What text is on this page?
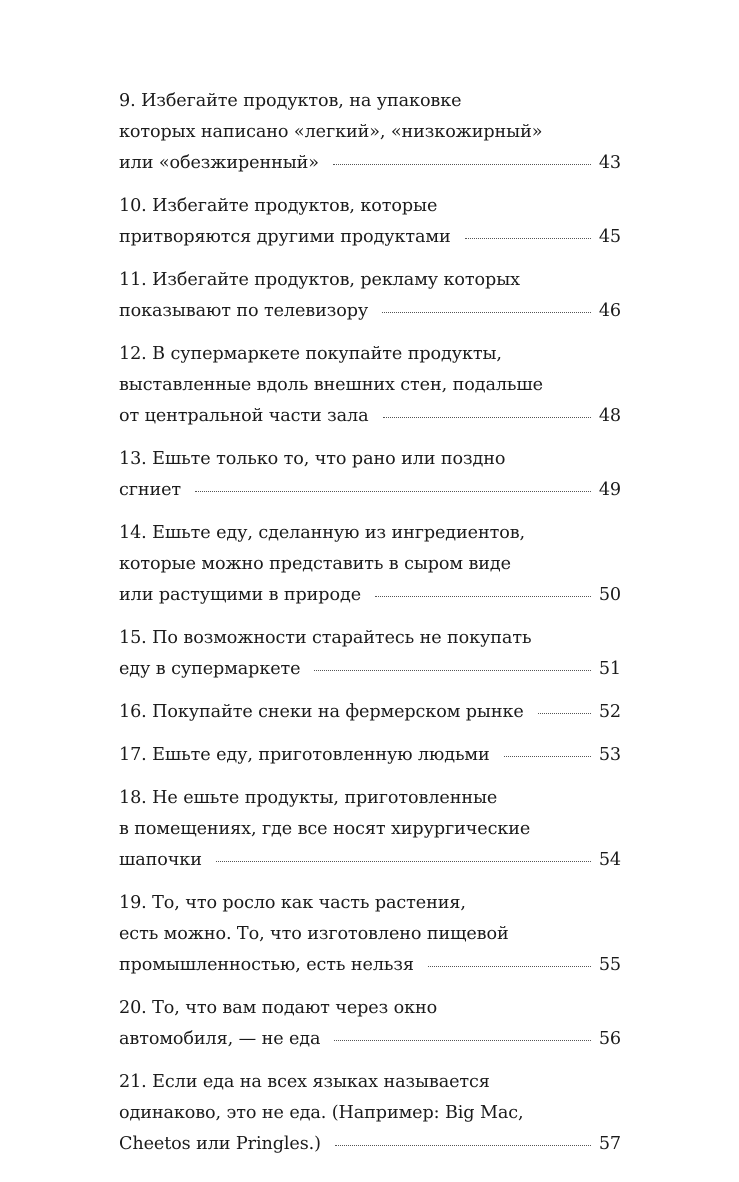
9. Избегайте продуктов, на упаковке
которых написано «легкий», «низкожирный»
или «обезжиренный»	43
10. Избегайте продуктов, которые
притворяются другими продуктами	45
11. Избегайте продуктов, рекламу которых
показывают по телевизору	46
12. В супермаркете покупайте продукты,
выставленные вдоль внешних стен, подальше
от центральной части зала	48
13. Ешьте только то, что рано или поздно
сгниет	49
14. Ешьте еду, сделанную из ингредиентов,
которые можно представить в сыром виде
или растущими в природе	50
15. По возможности старайтесь не покупать
еду в супермаркете	51
16. Покупайте снеки на фермерском рынке	52
17. Ешьте еду, приготовленную людьми	53
18. Не ешьте продукты, приготовленные
в помещениях, где все носят хирургические
шапочки	54
19. То, что росло как часть растения,
есть можно. То, что изготовлено пищевой
промышленностью, есть нельзя	55
20. То, что вам подают через окно
автомобиля, — не еда	56
21. Если еда на всех языках называется
одинаково, это не еда. (Например: Big Mac,
Cheetos или Pringles.)	57
